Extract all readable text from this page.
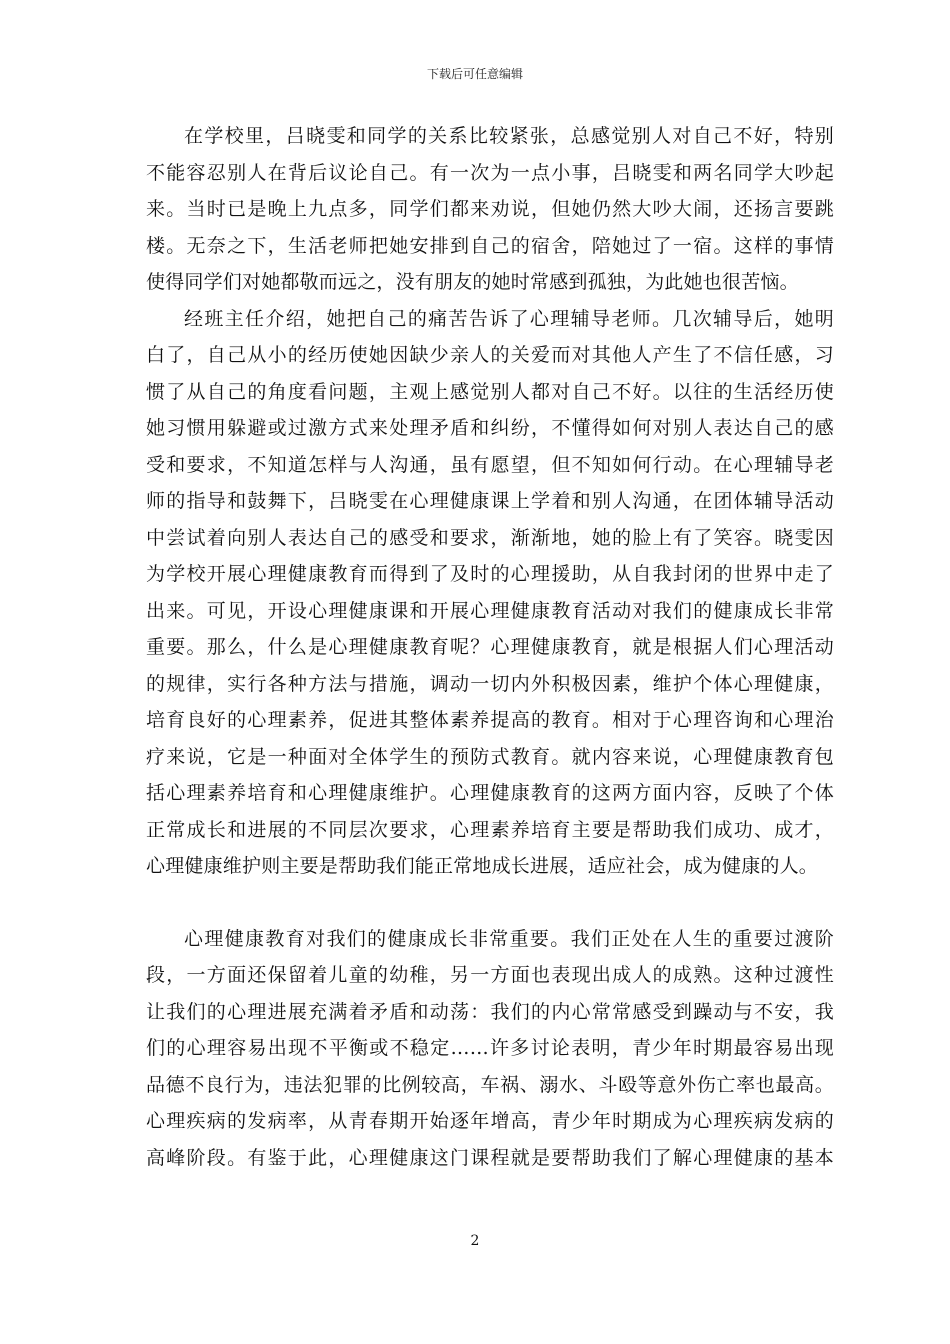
下载后可任意编辑
在学校里，吕晓雯和同学的关系比较紧张，总感觉别人对自己不好，特别
不能容忍别人在背后议论自己。有一次为一点小事，吕晓雯和两名同学大吵起
来。当时已是晚上九点多，同学们都来劝说，但她仍然大吵大闹，还扬言要跳
楼。无奈之下，生活老师把她安排到自己的宿舍，陪她过了一宿。这样的事情
使得同学们对她都敬而远之，没有朋友的她时常感到孤独，为此她也很苦恼。
经班主任介绍，她把自己的痛苦告诉了心理辅导老师。几次辅导后，她明
白了，自己从小的经历使她因缺少亲人的关爱而对其他人产生了不信任感，习
惯了从自己的角度看问题，主观上感觉别人都对自己不好。以往的生活经历使
她习惯用躲避或过激方式来处理矛盾和纠纷，不懂得如何对别人表达自己的感
受和要求，不知道怎样与人沟通，虽有愿望，但不知如何行动。在心理辅导老
师的指导和鼓舞下，吕晓雯在心理健康课上学着和别人沟通，在团体辅导活动
中尝试着向别人表达自己的感受和要求，渐渐地，她的脸上有了笑容。晓雯因
为学校开展心理健康教育而得到了及时的心理援助，从自我封闭的世界中走了
出来。可见，开设心理健康课和开展心理健康教育活动对我们的健康成长非常
重要。那么，什么是心理健康教育呢？心理健康教育，就是根据人们心理活动
的规律，实行各种方法与措施，调动一切内外积极因素，维护个体心理健康，
培育良好的心理素养，促进其整体素养提高的教育。相对于心理咨询和心理治
疗来说，它是一种面对全体学生的预防式教育。就内容来说，心理健康教育包
括心理素养培育和心理健康维护。心理健康教育的这两方面内容，反映了个体
正常成长和进展的不同层次要求，心理素养培育主要是帮助我们成功、成才，
心理健康维护则主要是帮助我们能正常地成长进展，适应社会，成为健康的人。
心理健康教育对我们的健康成长非常重要。我们正处在人生的重要过渡阶
段，一方面还保留着儿童的幼稚，另一方面也表现出成人的成熟。这种过渡性
让我们的心理进展充满着矛盾和动荡：我们的内心常常感受到躁动与不安，我
们的心理容易出现不平衡或不稳定……许多讨论表明，青少年时期最容易出现
品德不良行为，违法犯罪的比例较高，车祸、溺水、斗殴等意外伤亡率也最高。
心理疾病的发病率，从青春期开始逐年增高，青少年时期成为心理疾病发病的
高峰阶段。有鉴于此，心理健康这门课程就是要帮助我们了解心理健康的基本
2
